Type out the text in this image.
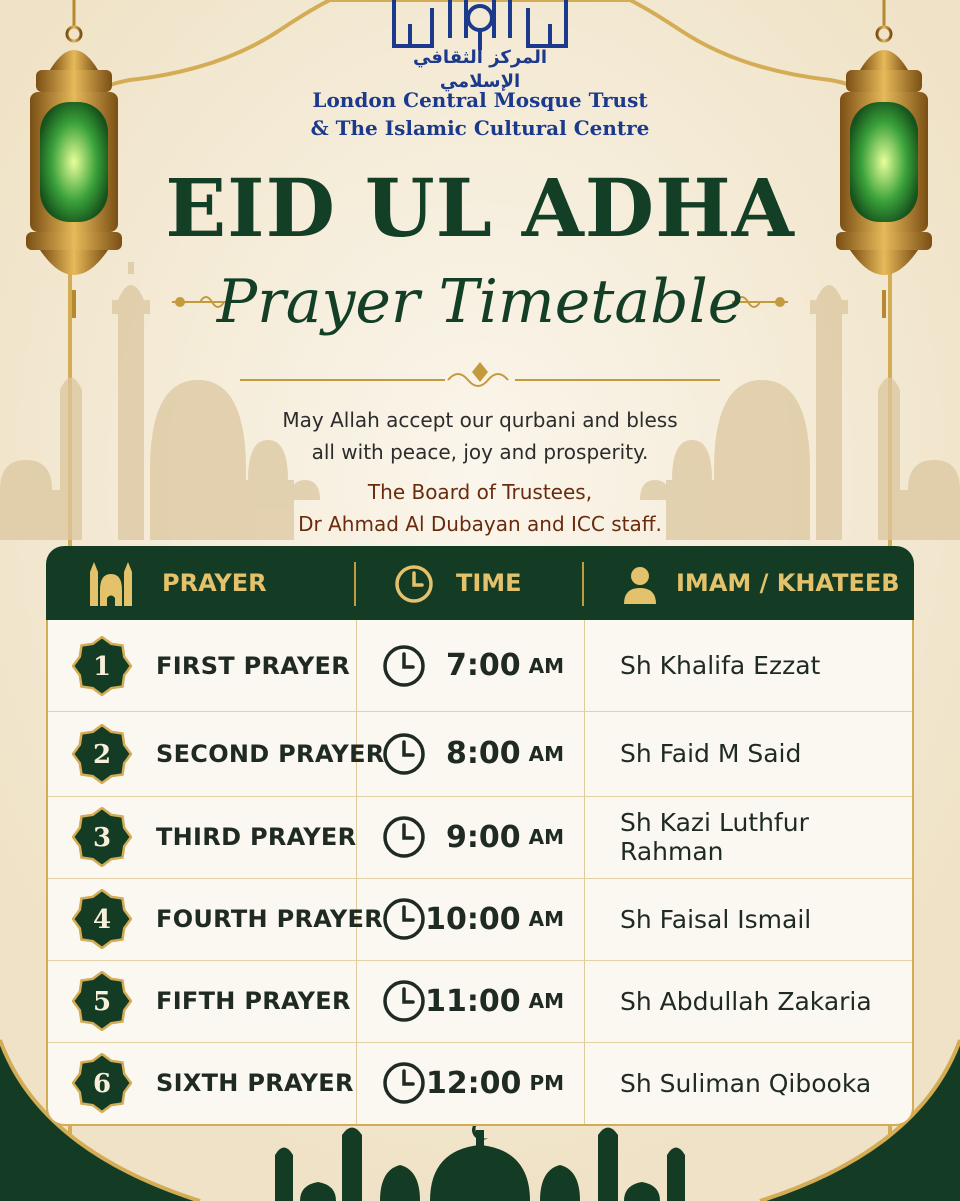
المركز الثقافي الإسلامي
London Central Mosque Trust
& The Islamic Cultural Centre
EID UL ADHA
Prayer Timetable
May Allah accept our qurbani and bless
all with peace, joy and prosperity.
The Board of Trustees,
Dr Ahmad Al Dubayan and ICC staff.
PRAYER	TIME	IMAM / KHATEEB
1 FIRST PRAYER	7:00 AM Sh Khalifa Ezzat
2 SECOND PRAYER 8:00 AM Sh Faid M Said
3 THIRD PRAYER	9:00 AM Sh Kazi Luthfur Rahman
4 FOURTH PRAYER 10:00 AM Sh Faisal Ismail
5 FIFTH PRAYER 11:00 AM Sh Abdullah Zakaria
6 SIXTH PRAYER 12:00 PM Sh Suliman Qibooka
